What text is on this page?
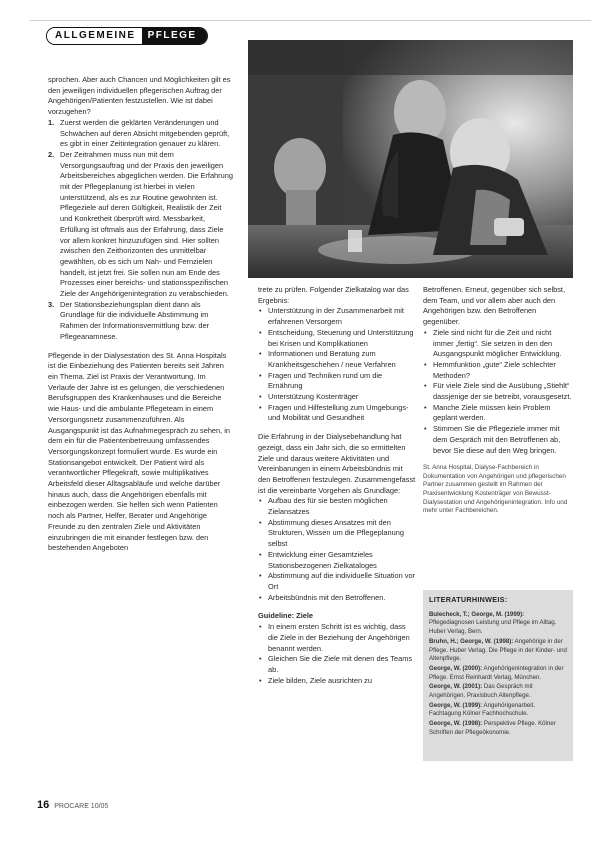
ALLGEMEINE	PFLEGE

sprochen. Aber auch Chancen und Möglichkeiten gilt es den jeweiligen individuellen pflegerischen Auftrag der Angehörigen/Patienten festzustellen. Wie ist dabei vorzugehen?

1. Zuerst werden die geklärten Veränderungen und Schwächen auf deren Absicht mitgebenden geprüft, es gibt in einer Zeitintegration genauer zu klären.
2. Der Zeitrahmen muss nun mit dem Versorgungsauftrag und der Praxis den jeweiligen Arbeitsbereiches abgeglichen werden. Die Erfahrung mit der Pflegeplanung ist hierbei in vielen unterstützend, als es zur Routine gewohnten ist. Pflegeziele auf deren Gültigkeit, Realistik der Zeit und Konkretheit überprüft wird. Messbarkeit, Erfüllung ist oftmals aus der Erfahrung, dass Ziele vor allem konkret hinzuzufügen sind. Hier sollten zwischen den Zeithorizonten des unmittelbar gewählten, ob es sich um Nah- und Fernzielen handelt, ist jetzt frei. Sie sollen nun am Ende des Prozesses einer bereichs- und stationsspezifischen Ziele der Angehörigenintegration zu verabschieden.
3. Der Stationsbeziehungsplan dient dann als Grundlage für die individuelle Abstimmung im Rahmen der Informationsvermittlung bzw. der Pflegeanamnese.

Pflegende in der Dialysestation des St. Anna Hospitals ist die Einbeziehung des Patienten bereits seit Jahren ein Thema. Ziel ist Praxis der Verantwortung. Im Verlaufe der Jahre ist es gelungen, die verschiedenen Berufsgruppen des Krankenhauses und die Bereiche wie Haus- und die ambulante Pflegeteam in einem Versorgungsnetz zusammenzuführen. Als Ausgangspunkt ist das Aufnahmegespräch zu sehen, in dem ein für die Patientenbetreuung umfassendes Versorgungskonzept formuliert wurde. Es wurde ein Stationsangebot entwickelt. Der Patient wird als verantwortlicher Pflegekraft, sowie multiplikatives Arbeitsfeld dieser Alltagsabläufe und welche darüber hinaus auch, dass die Angehörigen ebenfalls mit einbezogen werden. Sie helfen sich wenn Patienten noch als Partner, Helfer, Berater und Angehörige Freunde zu den zentralen Ziele und Aktivitäten einzubringen die mit einander festlegen bzw. den bestehenden Angeboten

trete zu prüfen. Folgender Zielkatalog war das Ergebnis:

• Unterstützung in der Zusammenarbeit mit erfahrenen Versorgern
• Entscheidung, Steuerung und Unterstützung bei Krisen und Komplikationen
• Informationen und Beratung zum Krankheitsgeschehen / neue Verfahren
• Fragen und Techniken rund um die Ernährung
• Unterstützung Kostenträger
• Fragen und Hilfestellung zum Umgebungs- und Mobilität und Gesundheit

Die Erfahrung in der Dialysebehandlung hat gezeigt, dass ein Jahr sich, die so ermittelten Ziele und daraus weitere Aktivitäten und Vereinbarungen in einem Arbeitsbündnis mit den Betroffenen festzulegen. Zusammengefasst ist die vereinbarte Vorgehen als Grundlage:

• Aufbau des für sie besten möglichen Zielansatzes
• Abstimmung dieses Ansatzes mit den Strukturen, Wissen um die Pflegeplanung selbst
• Entwicklung einer Gesamtzieles Stationsbezogenen Zielkataloges
• Abstimmung auf die individuelle Situation vor Ort
• Arbeitsbündnis mit den Betroffenen.

Guideline: Ziele

• In einem ersten Schritt ist es wichtig, dass die Ziele in der Beziehung der Angehörigen benannt werden.
• Gleichen Sie die Ziele mit denen des Teams ab.
• Ziele bilden, Ziele ausrichten zu

Betroffenen. Erneut, gegenüber sich selbst, dem Team, und vor allem aber auch den Angehörigen bzw. den Betroffenen gegenüber.

• Ziele sind nicht für die Zeit und nicht immer „fertig“. Sie setzen in den den Ausgangspunkt möglicher Entwicklung.
• Hemmfunktion „gute“ Ziele schlechter Methoden?
• Für viele Ziele sind die Ausübung „Stiehlt“ dassjenige der sie betreibt, vorausgesetzt.
• Manche Ziele müssen kein Problem geplant werden.
• Stimmen Sie die Pflegeziele immer mit dem Gespräch mit den Betroffenen ab, bevor Sie diese auf den Weg bringen.

St. Anna Hospital, Dialyse-Fachbereich in Dokumentation von Angehörigen und pflegerischen Partner zusammen gestellt im Rahmen der Praxisentwicklung Kostenträger von Bewusst-Dialysestation und Angehörigenintegration. Info und mehr unter Fachbereichen.

LITERATURHINWEIS:
Bulecheck, T.; George, M. (1999): Pflegediagnosen Leistung und Pflege im Alltag. Huber Verlag, Bern.
Bruhn, H.; George, W. (1998): Angehörige in der Pflege. Huber Verlag. Die Pflege in der Kinder- und Altenpflege.
George, W. (2000): Angehörigenintegration in der Pflege. Ernst Reinhardt Verlag, München.
George, W. (2001): Das Gespräch mit Angehörigen. Praxisbuch Altenpflege.
George, W. (1999): Angehörigenarbeit. Fachtagung Kölner Fachhochschule.
George, W. (1998): Perspektive Pflege. Kölner Schriften der Pflegeökonomie.
16 PROCARE 10/05
